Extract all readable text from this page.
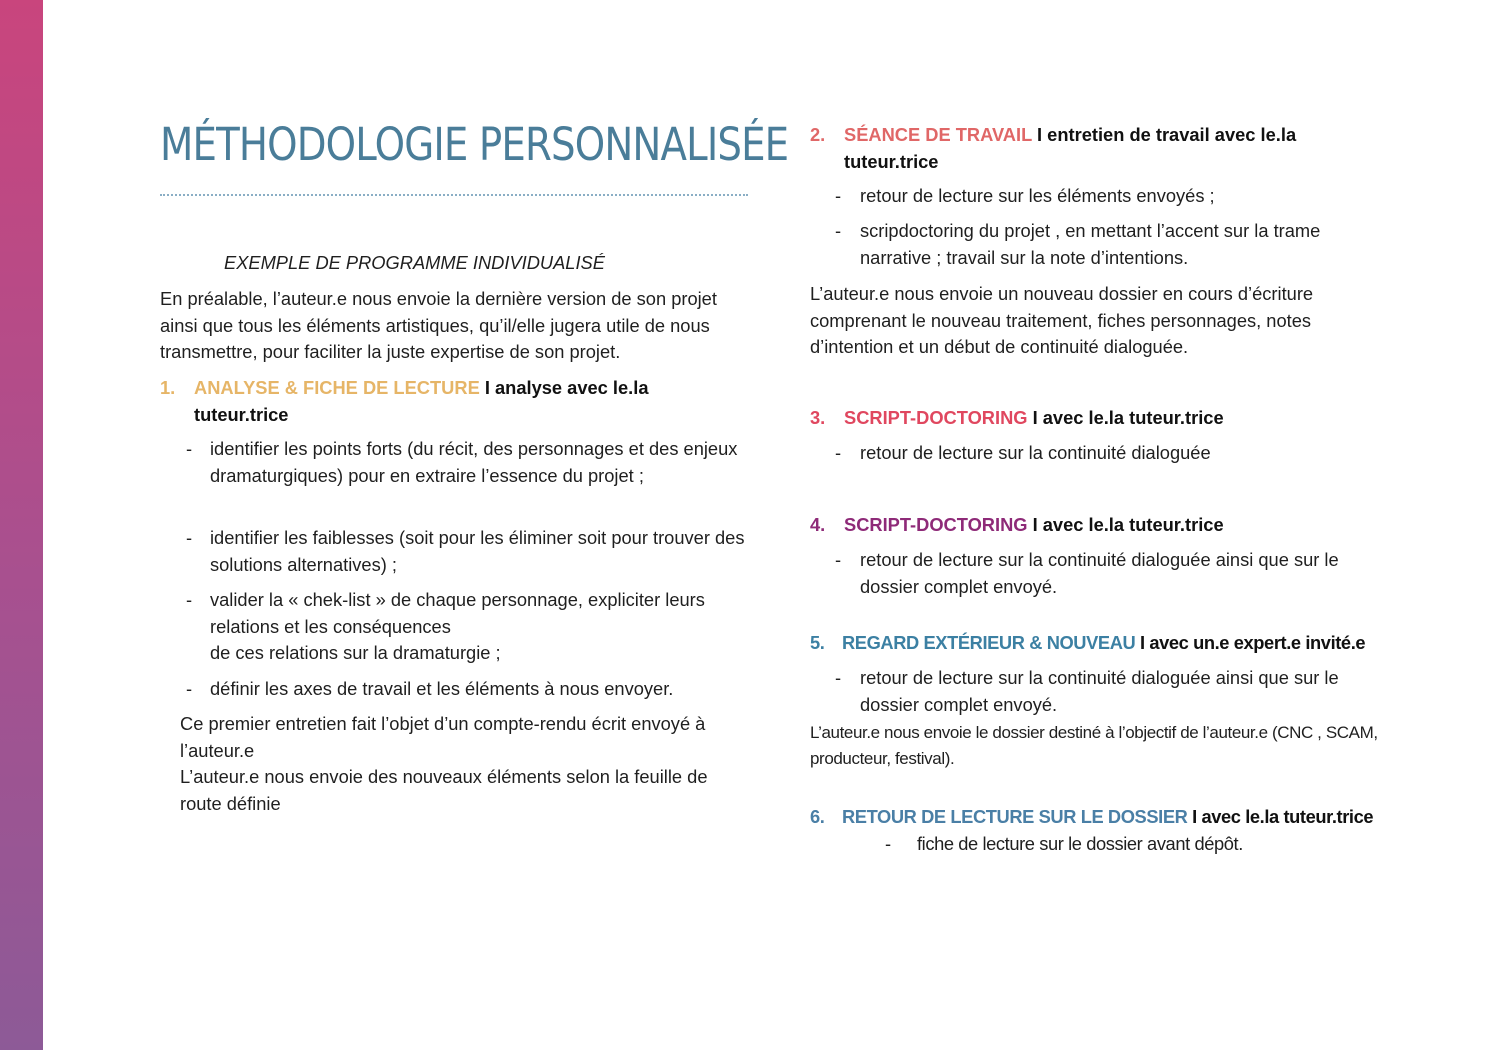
MÉTHODOLOGIE PERSONNALISÉE

EXEMPLE DE PROGRAMME INDIVIDUALISÉ

En préalable, l’auteur.e nous envoie la dernière version de son projet ainsi que tous les éléments artistiques, qu’il/elle jugera utile de nous transmettre, pour faciliter la juste expertise de son projet.

1. ANALYSE & FICHE DE LECTURE I analyse avec le.la
tuteur.trice
- identifier les points forts (du récit, des personnages et des enjeux dramaturgiques) pour en extraire l’essence du projet ;
- identifier les faiblesses (soit pour les éliminer soit pour trouver des solutions alternatives) ;
- valider la « chek-list » de chaque personnage, expliciter leurs relations et les conséquences
de ces relations sur la dramaturgie ;
- définir les axes de travail et les éléments à nous envoyer.

Ce premier entretien fait l’objet d’un compte-rendu écrit envoyé à l’auteur.e

L’auteur.e nous envoie des nouveaux éléments selon la feuille de route définie

2. SÉANCE DE TRAVAIL I entretien de travail avec le.la
tuteur.trice
-	retour de lecture sur les éléments envoyés ;
-	scripdoctoring du projet , en mettant l’accent sur la trame narrative ; travail sur la note d’intentions.

L’auteur.e nous envoie un nouveau dossier en cours d’écriture comprenant le nouveau traitement, fiches personnages, notes d’intention et un début de continuité dialoguée.

3. SCRIPT-DOCTORING I avec le.la tuteur.trice
-	retour de lecture sur la continuité dialoguée
4. SCRIPT-DOCTORING I avec le.la tuteur.trice
-	retour de lecture sur la continuité dialoguée ainsi que sur le dossier complet envoyé.
5. REGARD EXTÉRIEUR & NOUVEAU I avec un.e expert.e invité.e
-	retour de lecture sur la continuité dialoguée ainsi que sur le dossier complet envoyé.

L’auteur.e nous envoie le dossier destiné à l’objectif de l’auteur.e (CNC , SCAM, producteur, festival).

6. RETOUR DE LECTURE SUR LE DOSSIER I avec le.la tuteur.trice
-	fiche de lecture sur le dossier avant dépôt.
